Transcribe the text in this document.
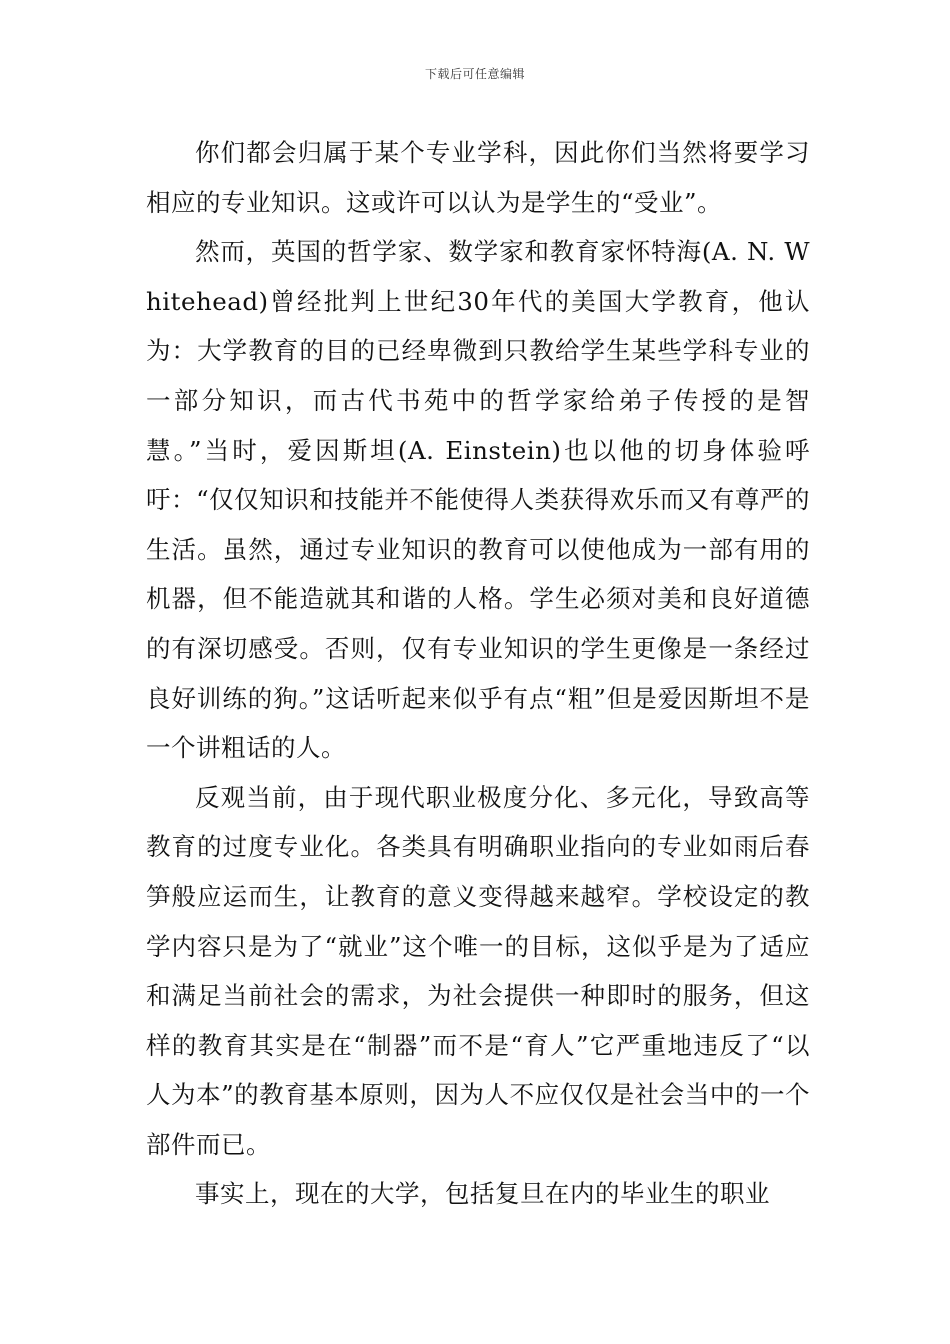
下载后可任意编辑

你们都会归属于某个专业学科，因此你们当然将要学习相应的专业知识。这或许可以认为是学生的“受业”。

然而，英国的哲学家、数学家和教育家怀特海(A. N. Whitehead)曾经批判上世纪30年代的美国大学教育，他认为：大学教育的目的已经卑微到只教给学生某些学科专业的一部分知识，而古代书苑中的哲学家给弟子传授的是智慧。”当时，爱因斯坦(A. Einstein)也以他的切身体验呼吁：“仅仅知识和技能并不能使得人类获得欢乐而又有尊严的生活。虽然，通过专业知识的教育可以使他成为一部有用的机器，但不能造就其和谐的人格。学生必须对美和良好道德的有深切感受。否则，仅有专业知识的学生更像是一条经过良好训练的狗。”这话听起来似乎有点“粗”但是爱因斯坦不是一个讲粗话的人。

反观当前，由于现代职业极度分化、多元化，导致高等教育的过度专业化。各类具有明确职业指向的专业如雨后春笋般应运而生，让教育的意义变得越来越窄。学校设定的教学内容只是为了“就业”这个唯一的目标，这似乎是为了适应和满足当前社会的需求，为社会提供一种即时的服务，但这样的教育其实是在“制器”而不是“育人”它严重地违反了“以人为本”的教育基本原则，因为人不应仅仅是社会当中的一个部件而已。

事实上，现在的大学，包括复旦在内的毕业生的职业
